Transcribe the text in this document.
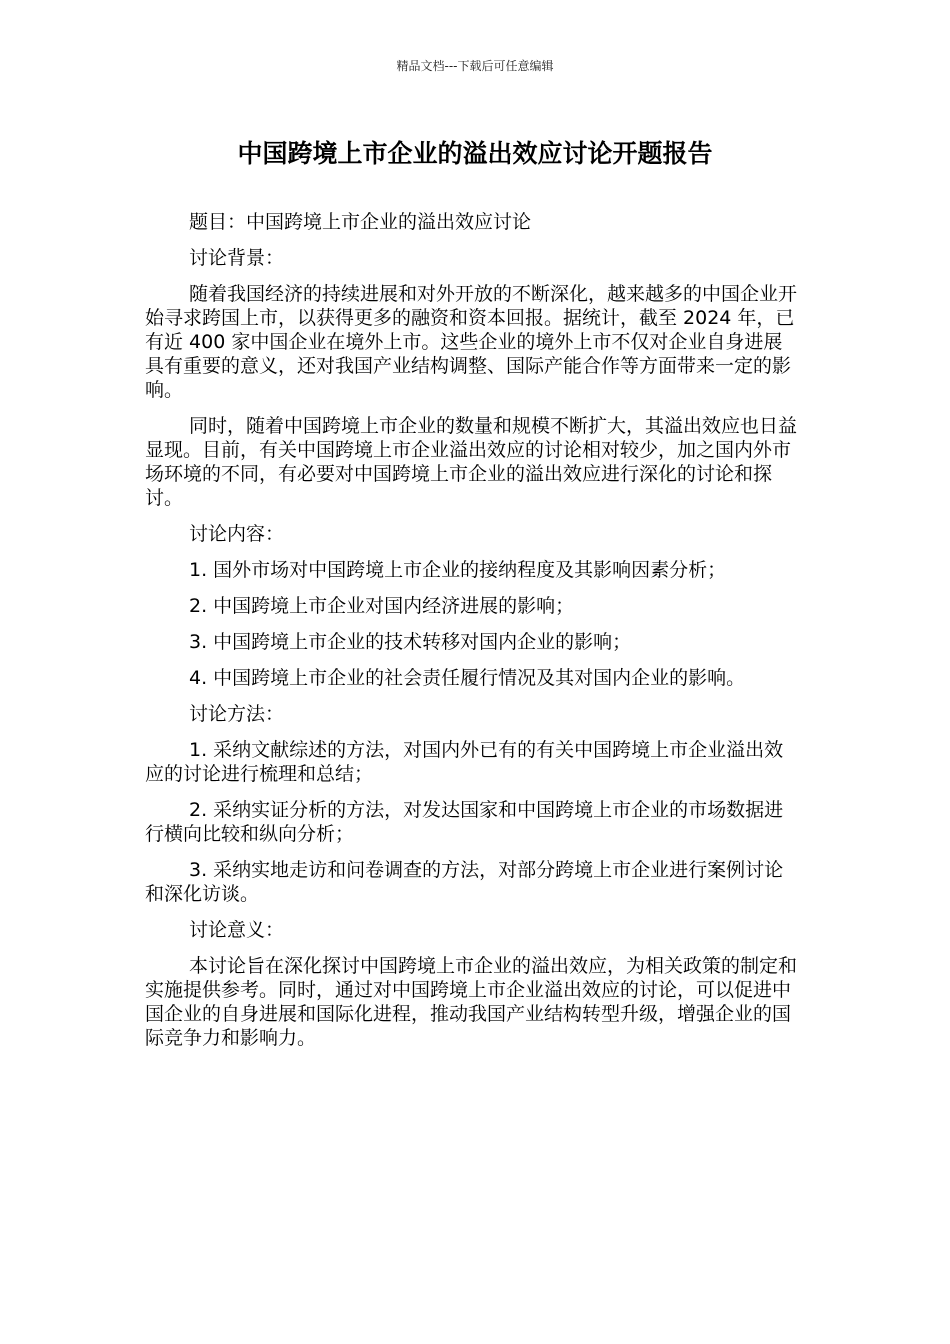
精品文档---下载后可任意编辑
中国跨境上市企业的溢出效应讨论开题报告

题目：中国跨境上市企业的溢出效应讨论

讨论背景：

随着我国经济的持续进展和对外开放的不断深化，越来越多的中国企业开始寻求跨国上市，以获得更多的融资和资本回报。据统计，截至 2024 年，已有近 400 家中国企业在境外上市。这些企业的境外上市不仅对企业自身进展具有重要的意义，还对我国产业结构调整、国际产能合作等方面带来一定的影响。

同时，随着中国跨境上市企业的数量和规模不断扩大，其溢出效应也日益显现。目前，有关中国跨境上市企业溢出效应的讨论相对较少，加之国内外市场环境的不同，有必要对中国跨境上市企业的溢出效应进行深化的讨论和探讨。

讨论内容：

1. 国外市场对中国跨境上市企业的接纳程度及其影响因素分析；

2. 中国跨境上市企业对国内经济进展的影响；

3. 中国跨境上市企业的技术转移对国内企业的影响；

4. 中国跨境上市企业的社会责任履行情况及其对国内企业的影响。

讨论方法：

1. 采纳文献综述的方法，对国内外已有的有关中国跨境上市企业溢出效应的讨论进行梳理和总结；

2. 采纳实证分析的方法，对发达国家和中国跨境上市企业的市场数据进行横向比较和纵向分析；

3. 采纳实地走访和问卷调查的方法，对部分跨境上市企业进行案例讨论和深化访谈。

讨论意义：

本讨论旨在深化探讨中国跨境上市企业的溢出效应，为相关政策的制定和实施提供参考。同时，通过对中国跨境上市企业溢出效应的讨论，可以促进中国企业的自身进展和国际化进程，推动我国产业结构转型升级，增强企业的国际竞争力和影响力。
